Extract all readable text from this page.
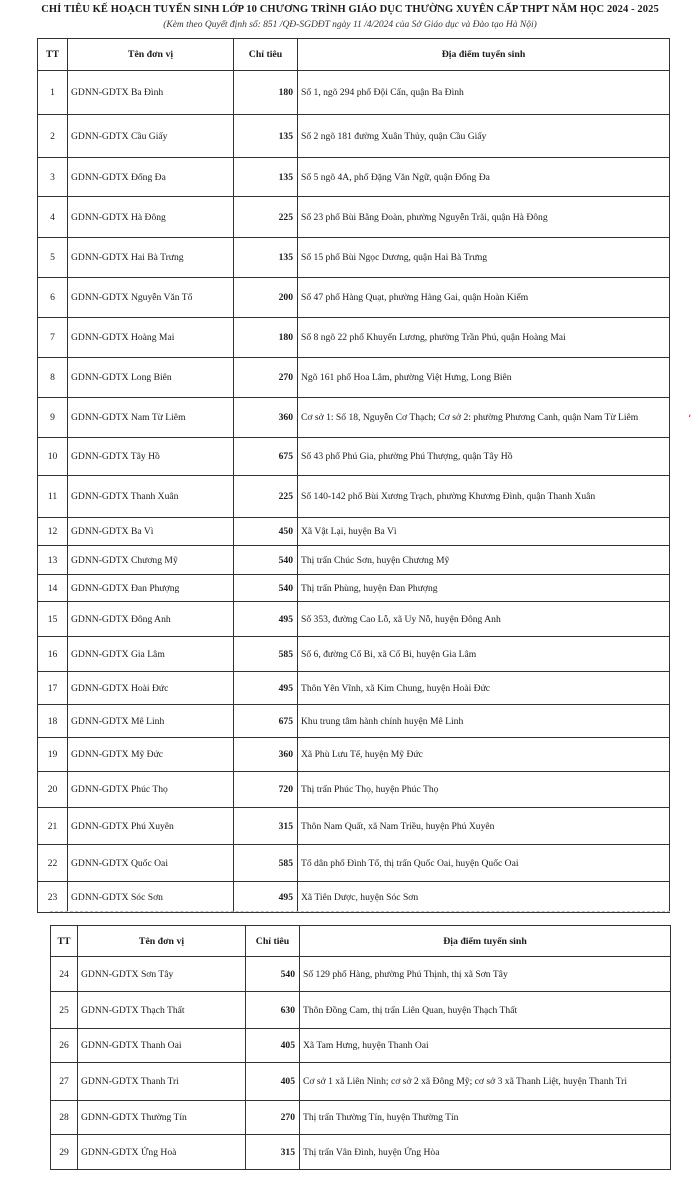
CHỈ TIÊU KẾ HOẠCH TUYỂN SINH LỚP 10 CHƯƠNG TRÌNH GIÁO DỤC THƯỜNG XUYÊN CẤP THPT NĂM HỌC 2024 - 2025
(Kèm theo Quyết định số: 851 /QĐ-SGDĐT ngày 11 /4/2024 của Sở Giáo dục và Đào tạo Hà Nội)
TT	Tên đơn vị	Chỉ tiêu	Địa điểm tuyển sinh
1	GDNN-GDTX Ba Đình	180	Số 1, ngõ 294 phố Đội Cấn, quận Ba Đình
2	GDNN-GDTX Cầu Giấy	135	Số 2 ngõ 181 đường Xuân Thủy, quận Cầu Giấy
3	GDNN-GDTX Đống Đa	135	Số 5 ngõ 4A, phố Đặng Văn Ngữ, quận Đống Đa
4	GDNN-GDTX Hà Đông	225	Số 23 phố Bùi Bằng Đoàn, phường Nguyễn Trãi, quận Hà Đông
5	GDNN-GDTX Hai Bà Trưng	135	Số 15 phố Bùi Ngọc Dương, quận Hai Bà Trưng
6	GDNN-GDTX Nguyễn Văn Tố	200	Số 47 phố Hàng Quạt, phường Hàng Gai, quận Hoàn Kiếm
7	GDNN-GDTX Hoàng Mai	180	Số 8 ngõ 22 phố Khuyến Lương, phường Trần Phú, quận Hoàng Mai
8	GDNN-GDTX Long Biên	270	Ngõ 161 phố Hoa Lâm, phường Việt Hưng, Long Biên
9	GDNN-GDTX Nam Từ Liêm	360	Cơ sở 1: Số 18, Nguyễn Cơ Thạch; Cơ sở 2: phường Phương Canh, quận Nam Từ Liêm
10	GDNN-GDTX Tây Hồ	675	Số 43 phố Phú Gia, phường Phú Thượng, quận Tây Hồ
11	GDNN-GDTX Thanh Xuân	225	Số 140-142 phố Bùi Xương Trạch, phường Khương Đình, quận Thanh Xuân
12	GDNN-GDTX Ba Vì	450	Xã Vật Lại, huyện Ba Vì
13	GDNN-GDTX Chương Mỹ	540	Thị trấn Chúc Sơn, huyện Chương Mỹ
14	GDNN-GDTX Đan Phượng	540	Thị trấn Phùng, huyện Đan Phượng
15	GDNN-GDTX Đông Anh	495	Số 353, đường Cao Lỗ, xã Uy Nỗ, huyện Đông Anh
16	GDNN-GDTX Gia Lâm	585	Số 6, đường Cổ Bi, xã Cổ Bi, huyện Gia Lâm
17	GDNN-GDTX Hoài Đức	495	Thôn Yên Vĩnh, xã Kim Chung, huyện Hoài Đức
18	GDNN-GDTX Mê Linh	675	Khu trung tâm hành chính huyện Mê Linh
19	GDNN-GDTX Mỹ Đức	360	Xã Phù Lưu Tế, huyện Mỹ Đức
20	GDNN-GDTX Phúc Thọ	720	Thị trấn Phúc Thọ, huyện Phúc Thọ
21	GDNN-GDTX Phú Xuyên	315	Thôn Nam Quất, xã Nam Triều, huyện Phú Xuyên
22	GDNN-GDTX Quốc Oai	585	Tổ dân phố Đình Tổ, thị trấn Quốc Oai, huyện Quốc Oai
23	GDNN-GDTX Sóc Sơn	495	Xã Tiên Dược, huyện Sóc Sơn
TT	Tên đơn vị	Chỉ tiêu	Địa điểm tuyển sinh
24	GDNN-GDTX Sơn Tây	540	Số 129 phố Hàng, phường Phú Thịnh, thị xã Sơn Tây
25	GDNN-GDTX Thạch Thất	630	Thôn Đồng Cam, thị trấn Liên Quan, huyện Thạch Thất
26	GDNN-GDTX Thanh Oai	405	Xã Tam Hưng, huyện Thanh Oai
27	GDNN-GDTX Thanh Trì	405	Cơ sở 1 xã Liên Ninh; cơ sở 2 xã Đông Mỹ; cơ sở 3 xã Thanh Liệt, huyện Thanh Trì
28	GDNN-GDTX Thường Tín	270	Thị trấn Thường Tín, huyện Thường Tín
29	GDNN-GDTX Ứng Hoà	315	Thị trấn Vân Đình, huyện Ứng Hòa
ʻ
